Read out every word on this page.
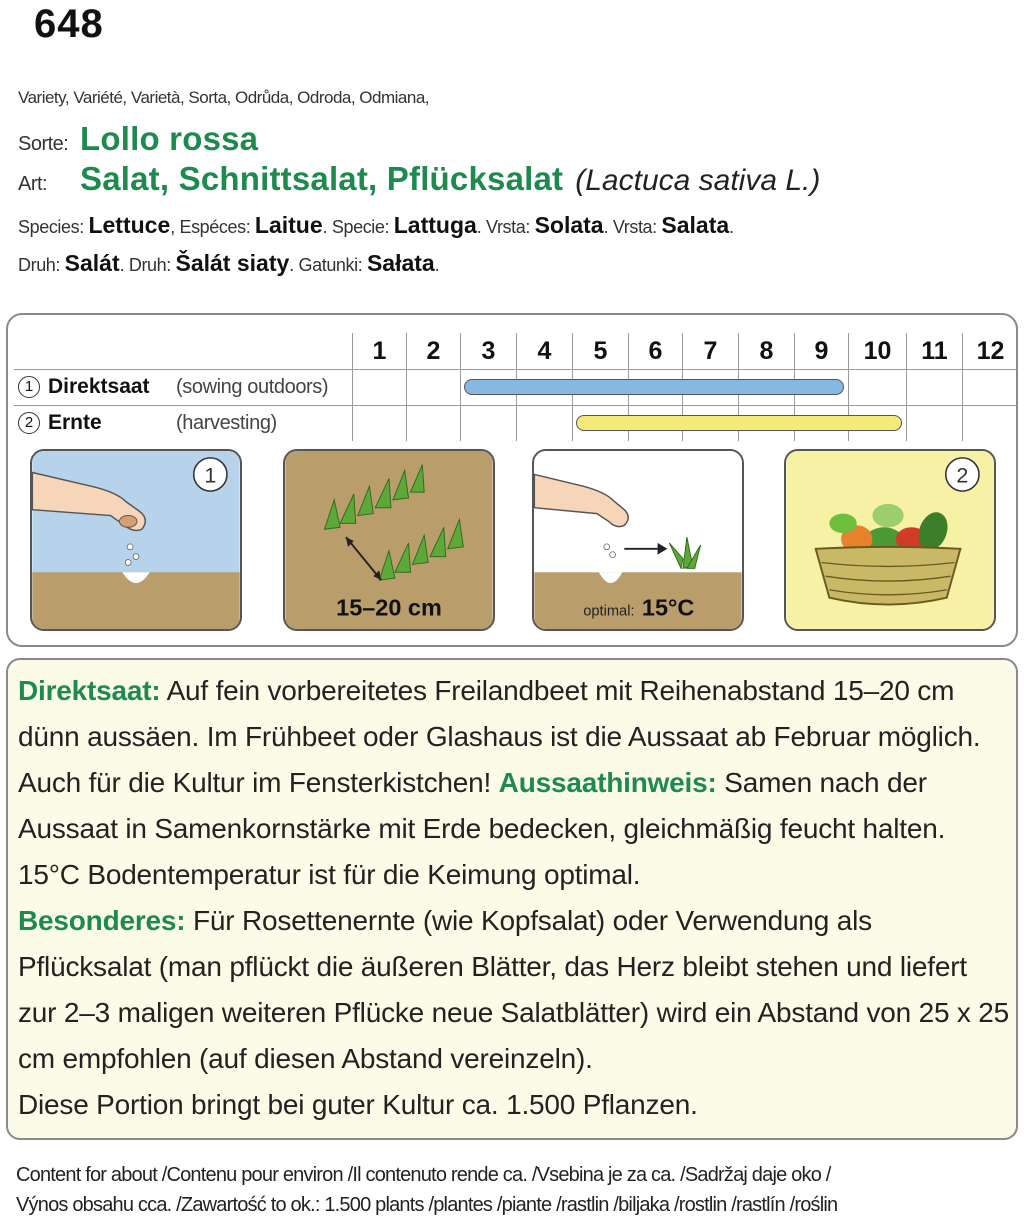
648
Variety, Variété, Varietà, Sorta, Odrůda, Odroda, Odmiana,
Sorte: Lollo rossa
Art: Salat, Schnittsalat, Pflücksalat (Lactuca sativa L.)
Species: Lettuce, Espéces: Laitue. Specie: Lattuga. Vrsta: Solata. Vrsta: Salata.
Druh: Salát. Druh: Šalát siaty. Gatunki: Sałata.
1 Direktsaat	(sowing outdoors)
2 Ernte	(harvesting)
1	2	3	4	5	6	7	8	9	10	11	12
1
15–20 cm	optimal: 15°C
2
Direktsaat: Auf fein vorbereitetes Freilandbeet mit Reihenabstand 15–20 cm dünn aussäen. Im Frühbeet oder Glashaus ist die Aussaat ab Februar möglich. Auch für die Kultur im Fensterkistchen! Aussaathinweis: Samen nach der Aussaat in Samenkornstärke mit Erde bedecken, gleichmäßig feucht halten. 15°C Bodentemperatur ist für die Keimung optimal.
Besonderes: Für Rosettenernte (wie Kopfsalat) oder Verwendung als Pflücksalat (man pflückt die äußeren Blätter, das Herz bleibt stehen und liefert zur 2–3 maligen weiteren Pflücke neue Salatblätter) wird ein Abstand von 25 x 25 cm empfohlen (auf diesen Abstand vereinzeln).
Diese Portion bringt bei guter Kultur ca. 1.500 Pflanzen.
Content for about /Contenu pour environ /Il contenuto rende ca. /Vsebina je za ca. /Sadržaj daje oko /
Výnos obsahu cca. /Zawartość to ok.: 1.500 plants /plantes /piante /rastlin /biljaka /rostlin /rastlín /roślin
